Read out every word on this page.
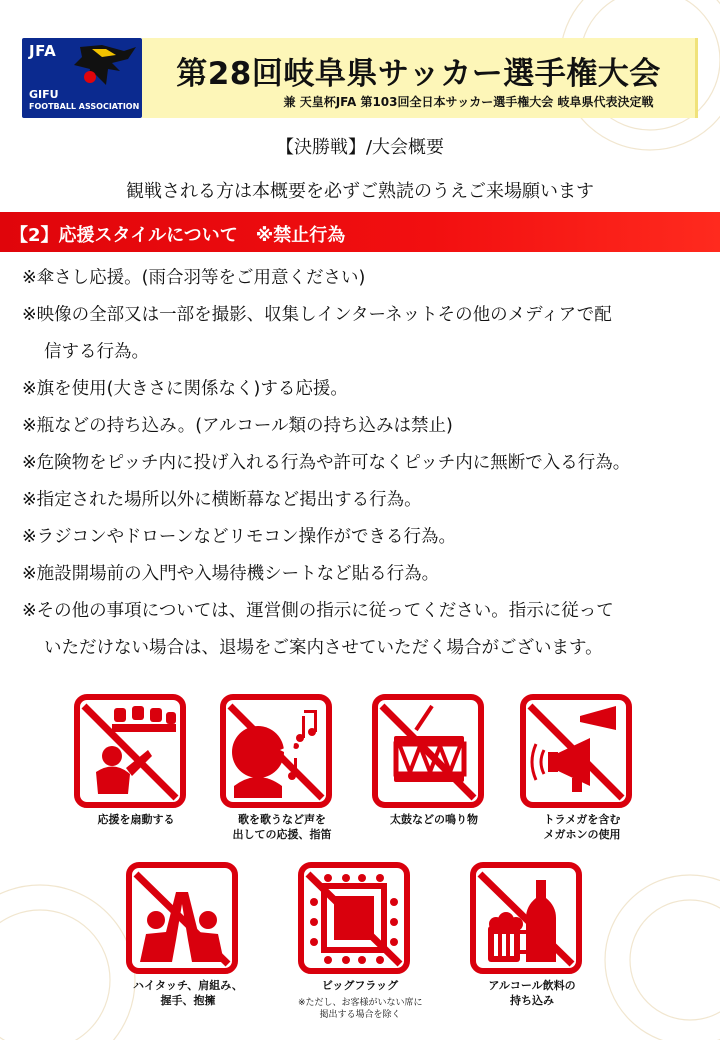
JFA
GIFU
FOOTBALL ASSOCIATION
第28回岐阜県サッカー選手権大会
兼 天皇杯JFA 第103回全日本サッカー選手権大会 岐阜県代表決定戦
【決勝戦】/大会概要
観戦される方は本概要を必ずご熟読のうえご来場願います
【2】応援スタイルについて　※禁止行為
※傘さし応援。(雨合羽等をご用意ください)
※映像の全部又は一部を撮影、収集しインターネットその他のメディアで配
信する行為。
※旗を使用(大きさに関係なく)する応援。
※瓶などの持ち込み。(アルコール類の持ち込みは禁止)
※危険物をピッチ内に投げ入れる行為や許可なくピッチ内に無断で入る行為。
※指定された場所以外に横断幕など掲出する行為。
※ラジコンやドローンなどリモコン操作ができる行為。
※施設開場前の入門や入場待機シートなど貼る行為。
※その他の事項については、運営側の指示に従ってください。指示に従って
いただけない場合は、退場をご案内させていただく場合がございます。
応援を扇動する	歌を歌うなど声を
出しての応援、指笛
太鼓などの鳴り物	トラメガを含む
メガホンの使用
ハイタッチ、肩組み、
握手、抱擁
ビッグフラッグ
※ただし、お客様がいない席に
掲出する場合を除く
アルコール飲料の
持ち込み
